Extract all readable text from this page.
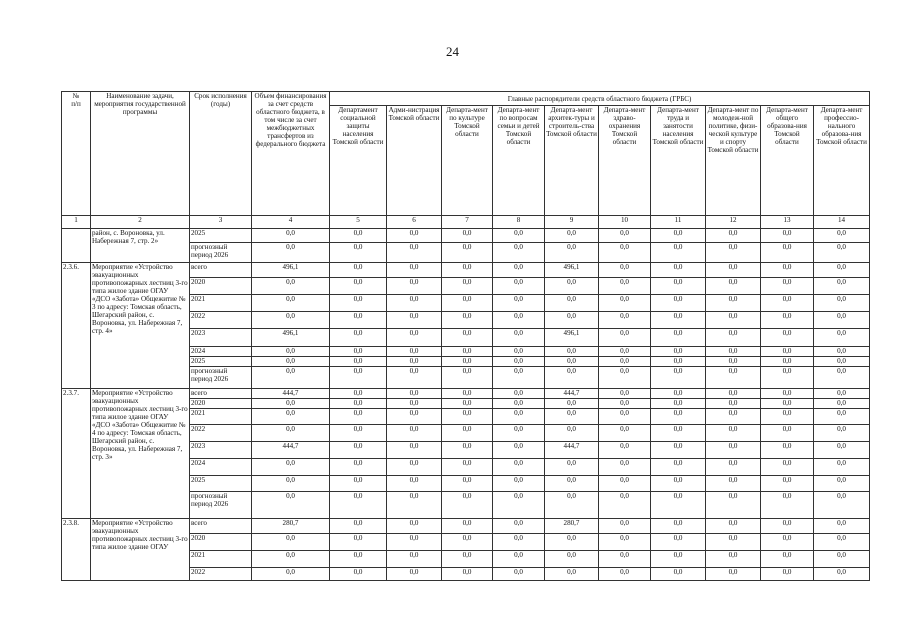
24
№
п/п	Наименование задачи, мероприятия государственной программы	Срок исполнения (годы)	Объем финансирования за счет средств областного бюджета, в том числе за счет межбюджетных трансфертов из федерального бюджета	Главные распорядители средств областного бюджета (ГРБС)									
				Департамент социальной защиты населения Томской области	Адми-нистрация Томской области	Департа-мент по культуре Томской области	Департа-мент по вопросам семьи и детей Томской области	Департа-мент архитек-туры и строитель-ства Томской области	Департа-мент здраво-охранения Томской области	Департа-мент труда и занятости населения Томской области	Департа-мент по молодеж-ной политике, физи-ческой культуре и спорту Томской области	Департа-мент общего образова-ния Томской области	Департа-мент профессио-нального образова-ния Томской области
1	2	3	4	5	6	7	8	9	10	11	12	13	14
	район, с. Вороновка, ул. Набережная 7, стр. 2»	2025	0,0	0,0	0,0	0,0	0,0	0,0	0,0	0,0	0,0	0,0	0,0
		прогнозный период 2026	0,0	0,0	0,0	0,0	0,0	0,0	0,0	0,0	0,0	0,0	0,0
2.3.6.	Мероприятие «Устройство эвакуационных противопожарных лестниц 3-го типа жилое здание ОГАУ «ДСО «Забота» Общежитие № 3 по адресу: Томская область, Шегарский район, с. Вороновка, ул. Набережная 7, стр. 4»	всего	496,1	0,0	0,0	0,0	0,0	496,1	0,0	0,0	0,0	0,0	0,0
		2020	0,0	0,0	0,0	0,0	0,0	0,0	0,0	0,0	0,0	0,0	0,0
		2021	0,0	0,0	0,0	0,0	0,0	0,0	0,0	0,0	0,0	0,0	0,0
		2022	0,0	0,0	0,0	0,0	0,0	0,0	0,0	0,0	0,0	0,0	0,0
		2023	496,1	0,0	0,0	0,0	0,0	496,1	0,0	0,0	0,0	0,0	0,0
		2024	0,0	0,0	0,0	0,0	0,0	0,0	0,0	0,0	0,0	0,0	0,0
		2025	0,0	0,0	0,0	0,0	0,0	0,0	0,0	0,0	0,0	0,0	0,0
		прогнозный период 2026	0,0	0,0	0,0	0,0	0,0	0,0	0,0	0,0	0,0	0,0	0,0
2.3.7.	Мероприятие «Устройство эвакуационных противопожарных лестниц 3-го типа жилое здание ОГАУ «ДСО «Забота» Общежитие № 4 по адресу: Томская область, Шегарский район, с. Вороновка, ул. Набережная 7, стр. 3»	всего	444,7	0,0	0,0	0,0	0,0	444,7	0,0	0,0	0,0	0,0	0,0
		2020	0,0	0,0	0,0	0,0	0,0	0,0	0,0	0,0	0,0	0,0	0,0
		2021	0,0	0,0	0,0	0,0	0,0	0,0	0,0	0,0	0,0	0,0	0,0
		2022	0,0	0,0	0,0	0,0	0,0	0,0	0,0	0,0	0,0	0,0	0,0
		2023	444,7	0,0	0,0	0,0	0,0	444,7	0,0	0,0	0,0	0,0	0,0
		2024	0,0	0,0	0,0	0,0	0,0	0,0	0,0	0,0	0,0	0,0	0,0
		2025	0,0	0,0	0,0	0,0	0,0	0,0	0,0	0,0	0,0	0,0	0,0
		прогнозный период 2026	0,0	0,0	0,0	0,0	0,0	0,0	0,0	0,0	0,0	0,0	0,0
2.3.8.	Мероприятие «Устройство эвакуационных противопожарных лестниц 3-го типа жилое здание ОГАУ	всего	280,7	0,0	0,0	0,0	0,0	280,7	0,0	0,0	0,0	0,0	0,0
		2020	0,0	0,0	0,0	0,0	0,0	0,0	0,0	0,0	0,0	0,0	0,0
		2021	0,0	0,0	0,0	0,0	0,0	0,0	0,0	0,0	0,0	0,0	0,0
		2022	0,0	0,0	0,0	0,0	0,0	0,0	0,0	0,0	0,0	0,0	0,0
